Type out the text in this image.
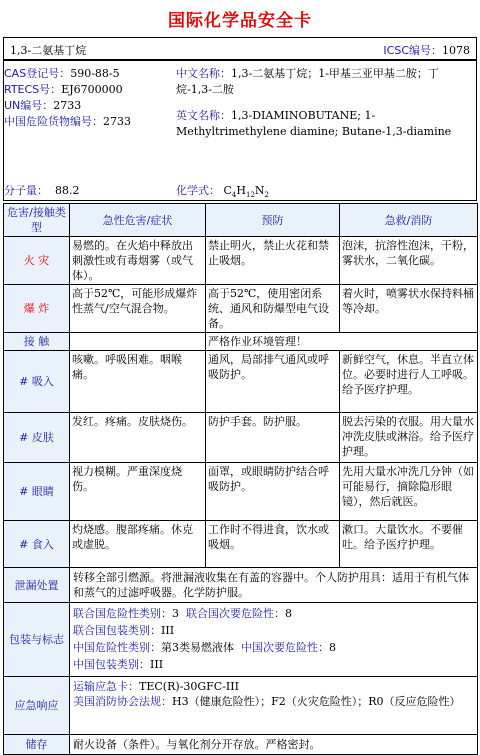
国际化学品安全卡
1,3-二氨基丁烷	ICSC编号：1078
CAS登记号：590-88-5
RTECS号：EJ6700000
UN编号：2733
中国危险货物编号：2733
中文名称：1,3-二氨基丁烷；1-甲基三亚甲基二胺；丁烷-1,3-二胺
英文名称：1,3-DIAMINOBUTANE; 1-Methyltrimethylene diamine; Butane-1,3-diamine
分子量： 88.2	化学式： $C_4H_{12}N_2$
危害/接触类型	急性危害/症状	预防	急救/消防
火 灾	易燃的。在火焰中释放出刺激性或有毒烟雾（或气体）。	禁止明火，禁止火花和禁止吸烟。	泡沫，抗溶性泡沫，干粉，雾状水，二氧化碳。
爆 炸	高于52℃，可能形成爆炸性蒸气/空气混合物。	高于52℃，使用密闭系统、通风和防爆型电气设备。	着火时，喷雾状水保持料桶等冷却。
接 触		严格作业环境管理！	
# 吸入	咳嗽。呼吸困难。咽喉痛。	通风，局部排气通风或呼吸防护。	新鲜空气，休息。半直立体位。必要时进行人工呼吸。给予医疗护理。
# 皮肤	发红。疼痛。皮肤烧伤。	防护手套。防护服。	脱去污染的衣服。用大量水冲洗皮肤或淋浴。给予医疗护理。
# 眼睛	视力模糊。严重深度烧伤。	面罩，或眼睛防护结合呼吸防护。	先用大量水冲洗几分钟（如可能易行，摘除隐形眼镜），然后就医。
# 食入	灼烧感。腹部疼痛。休克或虚脱。	工作时不得进食，饮水或吸烟。	漱口。大量饮水。不要催吐。给予医疗护理。
泄漏处置	转移全部引燃源。将泄漏液收集在有盖的容器中。个人防护用具：适用于有机气体和蒸气的过滤呼吸器。化学防护服。		
包装与标志	联合国危险性类别：3 联合国次要危险性：8
联合国包装类别：III
中国危险性类别：第3类易燃液体 中国次要危险性：8
中国包装类别：III		

应急响应	运输应急卡：TEC(R)-30GFC-III
美国消防协会法规：H3（健康危险性）；F2（火灾危险性）；R0（反应危险性）		

储存	耐火设备（条件）。与氧化剂分开存放。严格密封。		
